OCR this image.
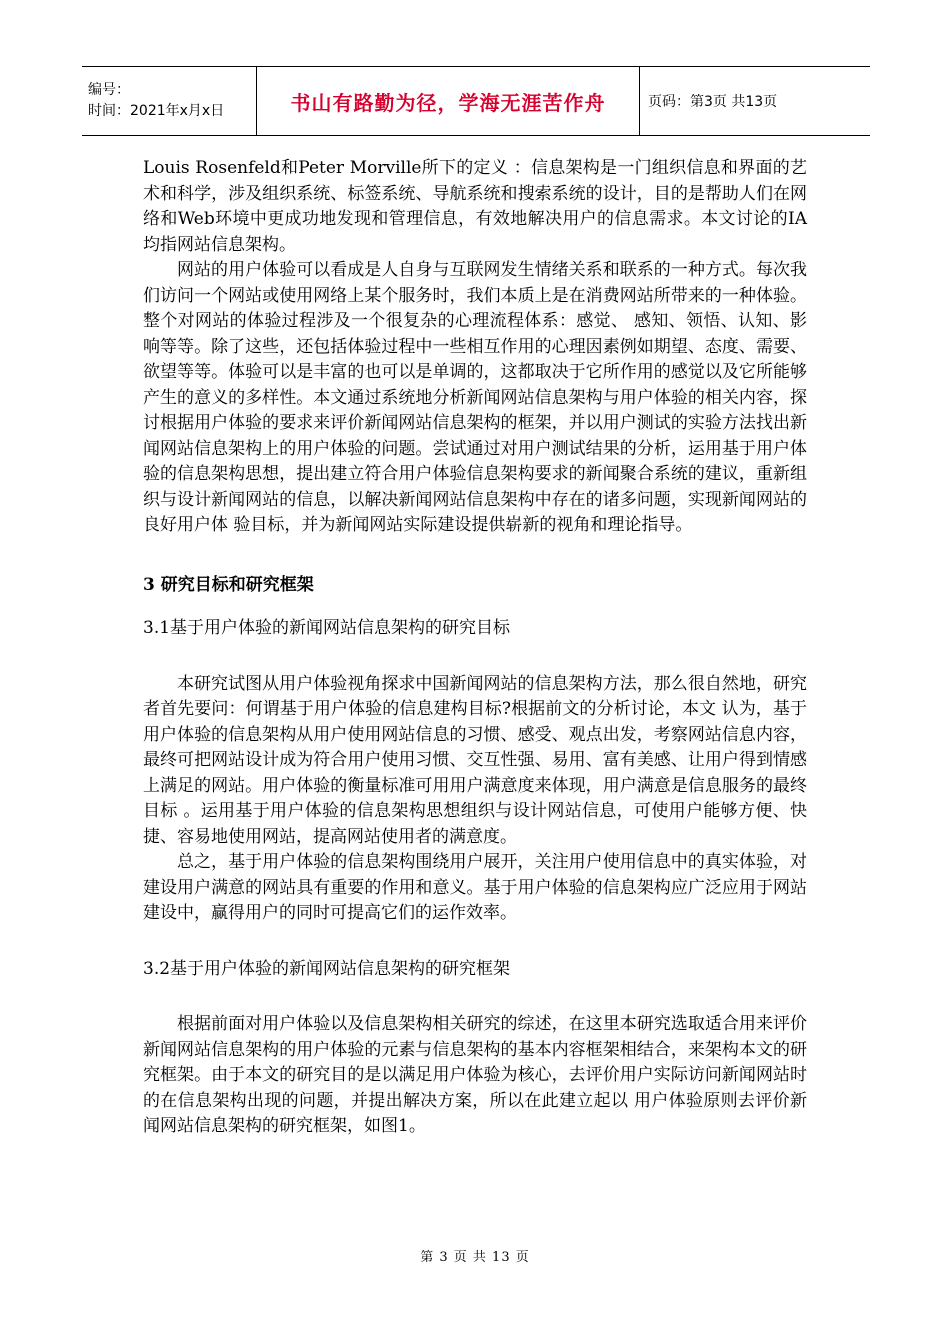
编号：
时间：2021年x月x日	书山有路勤为径，学海无涯苦作舟	页码：第3页 共13页

Louis Rosenfeld和Peter Morville所下的定义 ：信息架构是一门组织信息和界面的艺术和科学，涉及组织系统、标签系统、导航系统和搜索系统的设计，目的是帮助人们在网络和Web环境中更成功地发现和管理信息，有效地解决用户的信息需求。本文讨论的IA均指网站信息架构。

网站的用户体验可以看成是人自身与互联网发生情绪关系和联系的一种方式。每次我们访问一个网站或使用网络上某个服务时，我们本质上是在消费网站所带来的一种体验。整个对网站的体验过程涉及一个很复杂的心理流程体系：感觉、 感知、领悟、认知、影响等等。除了这些，还包括体验过程中一些相互作用的心理因素例如期望、态度、需要、欲望等等。体验可以是丰富的也可以是单调的，这都取决于它所作用的感觉以及它所能够产生的意义的多样性。本文通过系统地分析新闻网站信息架构与用户体验的相关内容，探讨根据用户体验的要求来评价新闻网站信息架构的框架，并以用户测试的实验方法找出新闻网站信息架构上的用户体验的问题。尝试通过对用户测试结果的分析，运用基于用户体验的信息架构思想，提出建立符合用户体验信息架构要求的新闻聚合系统的建议，重新组织与设计新闻网站的信息，以解决新闻网站信息架构中存在的诸多问题，实现新闻网站的良好用户体 验目标，并为新闻网站实际建设提供崭新的视角和理论指导。

3 研究目标和研究框架

3.1基于用户体验的新闻网站信息架构的研究目标

本研究试图从用户体验视角探求中国新闻网站的信息架构方法，那么很自然地，研究者首先要问：何谓基于用户体验的信息建构目标?根据前文的分析讨论，本文 认为，基于用户体验的信息架构从用户使用网站信息的习惯、感受、观点出发，考察网站信息内容，最终可把网站设计成为符合用户使用习惯、交互性强、易用、富有美感、让用户得到情感上满足的网站。用户体验的衡量标准可用用户满意度来体现，用户满意是信息服务的最终目标 。运用基于用户体验的信息架构思想组织与设计网站信息，可使用户能够方便、快捷、容易地使用网站，提高网站使用者的满意度。

总之，基于用户体验的信息架构围绕用户展开，关注用户使用信息中的真实体验，对建设用户满意的网站具有重要的作用和意义。基于用户体验的信息架构应广泛应用于网站建设中，赢得用户的同时可提高它们的运作效率。

3.2基于用户体验的新闻网站信息架构的研究框架

根据前面对用户体验以及信息架构相关研究的综述，在这里本研究选取适合用来评价新闻网站信息架构的用户体验的元素与信息架构的基本内容框架相结合，来架构本文的研究框架。由于本文的研究目的是以满足用户体验为核心，去评价用户实际访问新闻网站时的在信息架构出现的问题，并提出解决方案，所以在此建立起以 用户体验原则去评价新闻网站信息架构的研究框架，如图1。

第 3 页 共 13 页
